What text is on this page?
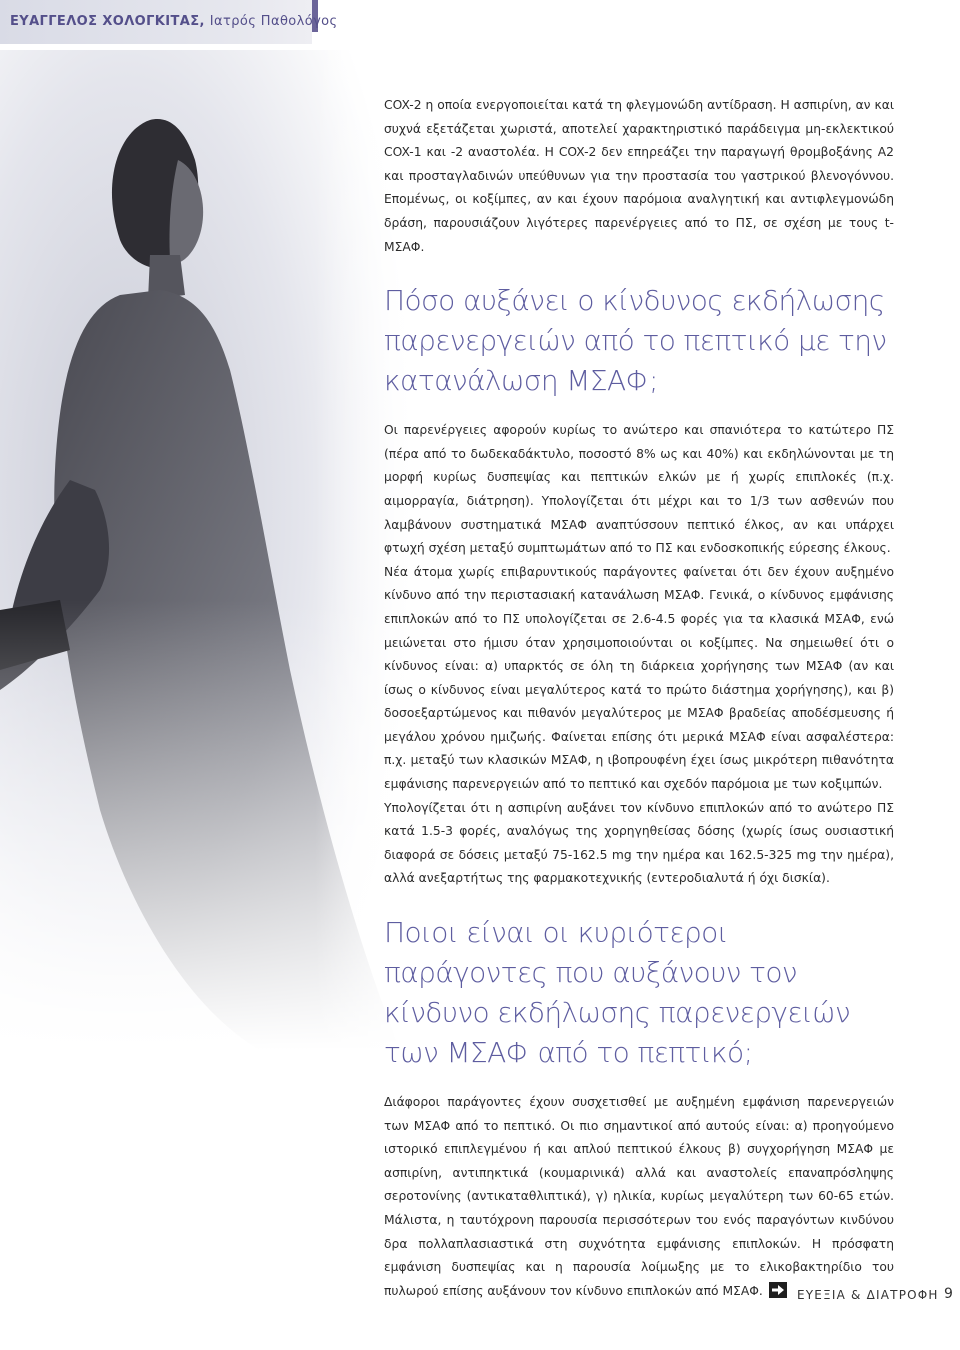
ΕΥΑΓΓΕΛΟΣ ΧΟΛΟΓΚΙΤΑΣ, Ιατρός Παθολόγος

COX-2 η οποία ενεργοποιείται κατά τη φλεγμονώδη αντίδραση. Η ασπιρίνη, αν και συχνά εξετάζεται χωριστά, αποτελεί χαρακτηριστικό παράδειγμα μη-εκλεκτικού COX-1 και -2 αναστολέα. Η COX-2 δεν επηρεάζει την παραγωγή θρομβοξάνης Α2 και προσταγλαδινών υπεύθυνων για την προστασία του γαστρικού βλενογόννου. Επομένως, οι κοξίμπες, αν και έχουν παρόμοια αναλγητική και αντιφλεγμονώδη δράση, παρουσιάζουν λιγότερες παρενέργειες από το ΠΣ, σε σχέση με τους t-ΜΣΑΦ.

Πόσο αυξάνει ο κίνδυνος εκδήλωσης παρενεργειών από το πεπτικό με την κατανάλωση ΜΣΑΦ;

Οι παρενέργειες αφορούν κυρίως το ανώτερο και σπανιότερα το κατώτερο ΠΣ (πέρα από το δωδεκαδάκτυλο, ποσοστό 8% ως και 40%) και εκδηλώνονται με τη μορφή κυρίως δυσπεψίας και πεπτικών ελκών με ή χωρίς επιπλοκές (π.χ. αιμορραγία, διάτρηση). Υπολογίζεται ότι μέχρι και το 1/3 των ασθενών που λαμβάνουν συστηματικά ΜΣΑΦ αναπτύσσουν πεπτικό έλκος, αν και υπάρχει φτωχή σχέση μεταξύ συμπτωμάτων από το ΠΣ και ενδοσκοπικής εύρεσης έλκους.

Νέα άτομα χωρίς επιβαρυντικούς παράγοντες φαίνεται ότι δεν έχουν αυξημένο κίνδυνο από την περιστασιακή κατανάλωση ΜΣΑΦ. Γενικά, ο κίνδυνος εμφάνισης επιπλοκών από το ΠΣ υπολογίζεται σε 2.6-4.5 φορές για τα κλασικά ΜΣΑΦ, ενώ μειώνεται στο ήμισυ όταν χρησιμοποιούνται οι κοξίμπες. Να σημειωθεί ότι ο κίνδυνος είναι: α) υπαρκτός σε όλη τη διάρκεια χορήγησης των ΜΣΑΦ (αν και ίσως ο κίνδυνος είναι μεγαλύτερος κατά το πρώτο διάστημα χορήγησης), και β) δοσοεξαρτώμενος και πιθανόν μεγαλύτερος με ΜΣΑΦ βραδείας αποδέσμευσης ή μεγάλου χρόνου ημιζωής. Φαίνεται επίσης ότι μερικά ΜΣΑΦ είναι ασφαλέστερα: π.χ. μεταξύ των κλασικών ΜΣΑΦ, η ιβοπρουφένη έχει ίσως μικρότερη πιθανότητα εμφάνισης παρενεργειών από το πεπτικό και σχεδόν παρόμοια με των κοξιμπών.

Υπολογίζεται ότι η ασπιρίνη αυξάνει τον κίνδυνο επιπλοκών από το ανώτερο ΠΣ κατά 1.5-3 φορές, αναλόγως της χορηγηθείσας δόσης (χωρίς ίσως ουσιαστική διαφορά σε δόσεις μεταξύ 75-162.5 mg την ημέρα και 162.5-325 mg την ημέρα), αλλά ανεξαρτήτως της φαρμακοτεχνικής (εντεροδιαλυτά ή όχι δισκία).

Ποιοι είναι οι κυριότεροι παράγοντες που αυξάνουν τον κίνδυνο εκδήλωσης παρενεργειών των ΜΣΑΦ από το πεπτικό;

Διάφοροι παράγοντες έχουν συσχετισθεί με αυξημένη εμφάνιση παρενεργειών των ΜΣΑΦ από το πεπτικό. Οι πιο σημαντικοί από αυτούς είναι: α) προηγούμενο ιστορικό επιπλεγμένου ή και απλού πεπτικού έλκους β) συγχορήγηση ΜΣΑΦ με ασπιρίνη, αντιπηκτικά (κουμαρινικά) αλλά και αναστολείς επαναπρόσληψης σεροτονίνης (αντικαταθλιπτικά), γ) ηλικία, κυρίως μεγαλύτερη των 60-65 ετών. Μάλιστα, η ταυτόχρονη παρουσία περισσότερων του ενός παραγόντων κινδύνου δρα πολλαπλασιαστικά στη συχνότητα εμφάνισης επιπλοκών. Η πρόσφατη εμφάνιση δυσπεψίας και η παρουσία λοίμωξης με το ελικοβακτηρίδιο του πυλωρού επίσης αυξάνουν τον κίνδυνο επιπλοκών από ΜΣΑΦ.	ΕΥΕΞΙΑ & ΔΙΑΤΡΟΦΗ 9
